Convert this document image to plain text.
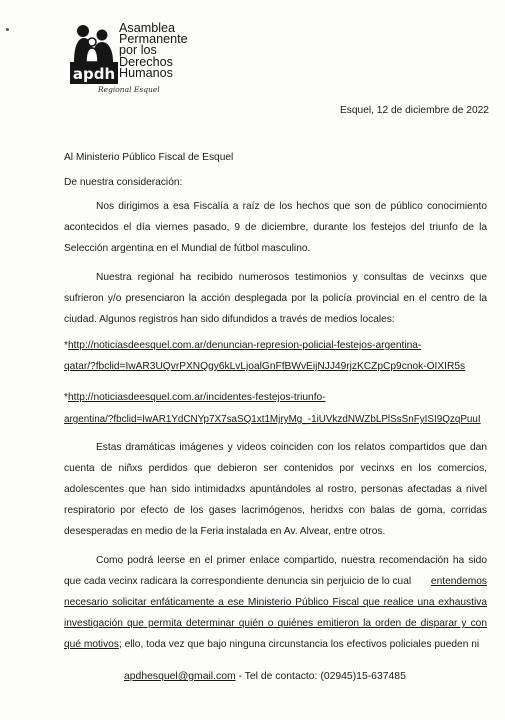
apdh
Asamblea
Permanente
por los
Derechos
Humanos
Regional Esquel
Esquel, 12 de diciembre de 2022
Al Ministerio Público Fiscal de Esquel
De nuestra consideración:
Nos dirigimos a esa Fiscalía a raíz de los hechos que son de público conocimiento
acontecidos el día viernes pasado, 9 de diciembre, durante los festejos del triunfo de la
Selección argentina en el Mundial de fútbol masculino.
Nuestra regional ha recibido numerosos testimonios y consultas de vecinxs que
sufrieron y/o presenciaron la acción desplegada por la policía provincial en el centro de la
ciudad. Algunos registros han sido difundidos a través de medios locales:
*http://noticiasdeesquel.com.ar/denuncian-represion-policial-festejos-argentina-
qatar/?fbclid=IwAR3UQvrPXNQgy6kLvLjoalGnFfBWvEijNJJ49rjzKCZpCp9cnok-OIXIR5s
*http://noticiasdeesquel.com.ar/incidentes-festejos-triunfo-
argentina/?fbclid=IwAR1YdCNYp7X7saSQ1xt1MjryMg_-1iUVkzdNWZbLPlSsSnFyISI9QzqPuuI
Estas dramáticas imágenes y videos coinciden con los relatos compartidos que dan
cuenta de niñxs perdidos que debieron ser contenidos por vecinxs en los comercios,
adolescentes que han sido intimidadxs apuntándoles al rostro, personas afectadas a nivel
respiratorio por efecto de los gases lacrimógenos, heridxs con balas de goma, corridas
desesperadas en medio de la Feria instalada en Av. Alvear, entre otros.
Como podrá leerse en el primer enlace compartido, nuestra recomendación ha sido
que cada vecinx radicara la correspondiente denuncia sin perjuicio de lo cual entendemos
necesario solicitar enfáticamente a ese Ministerio Público Fiscal que realice una exhaustiva
investigación que permita determinar quién o quiénes emitieron la orden de disparar y con
qué motivos; ello, toda vez que bajo ninguna circunstancia los efectivos policiales pueden ni
apdhesquel@gmail.com - Tel de contacto: (02945)15-637485
